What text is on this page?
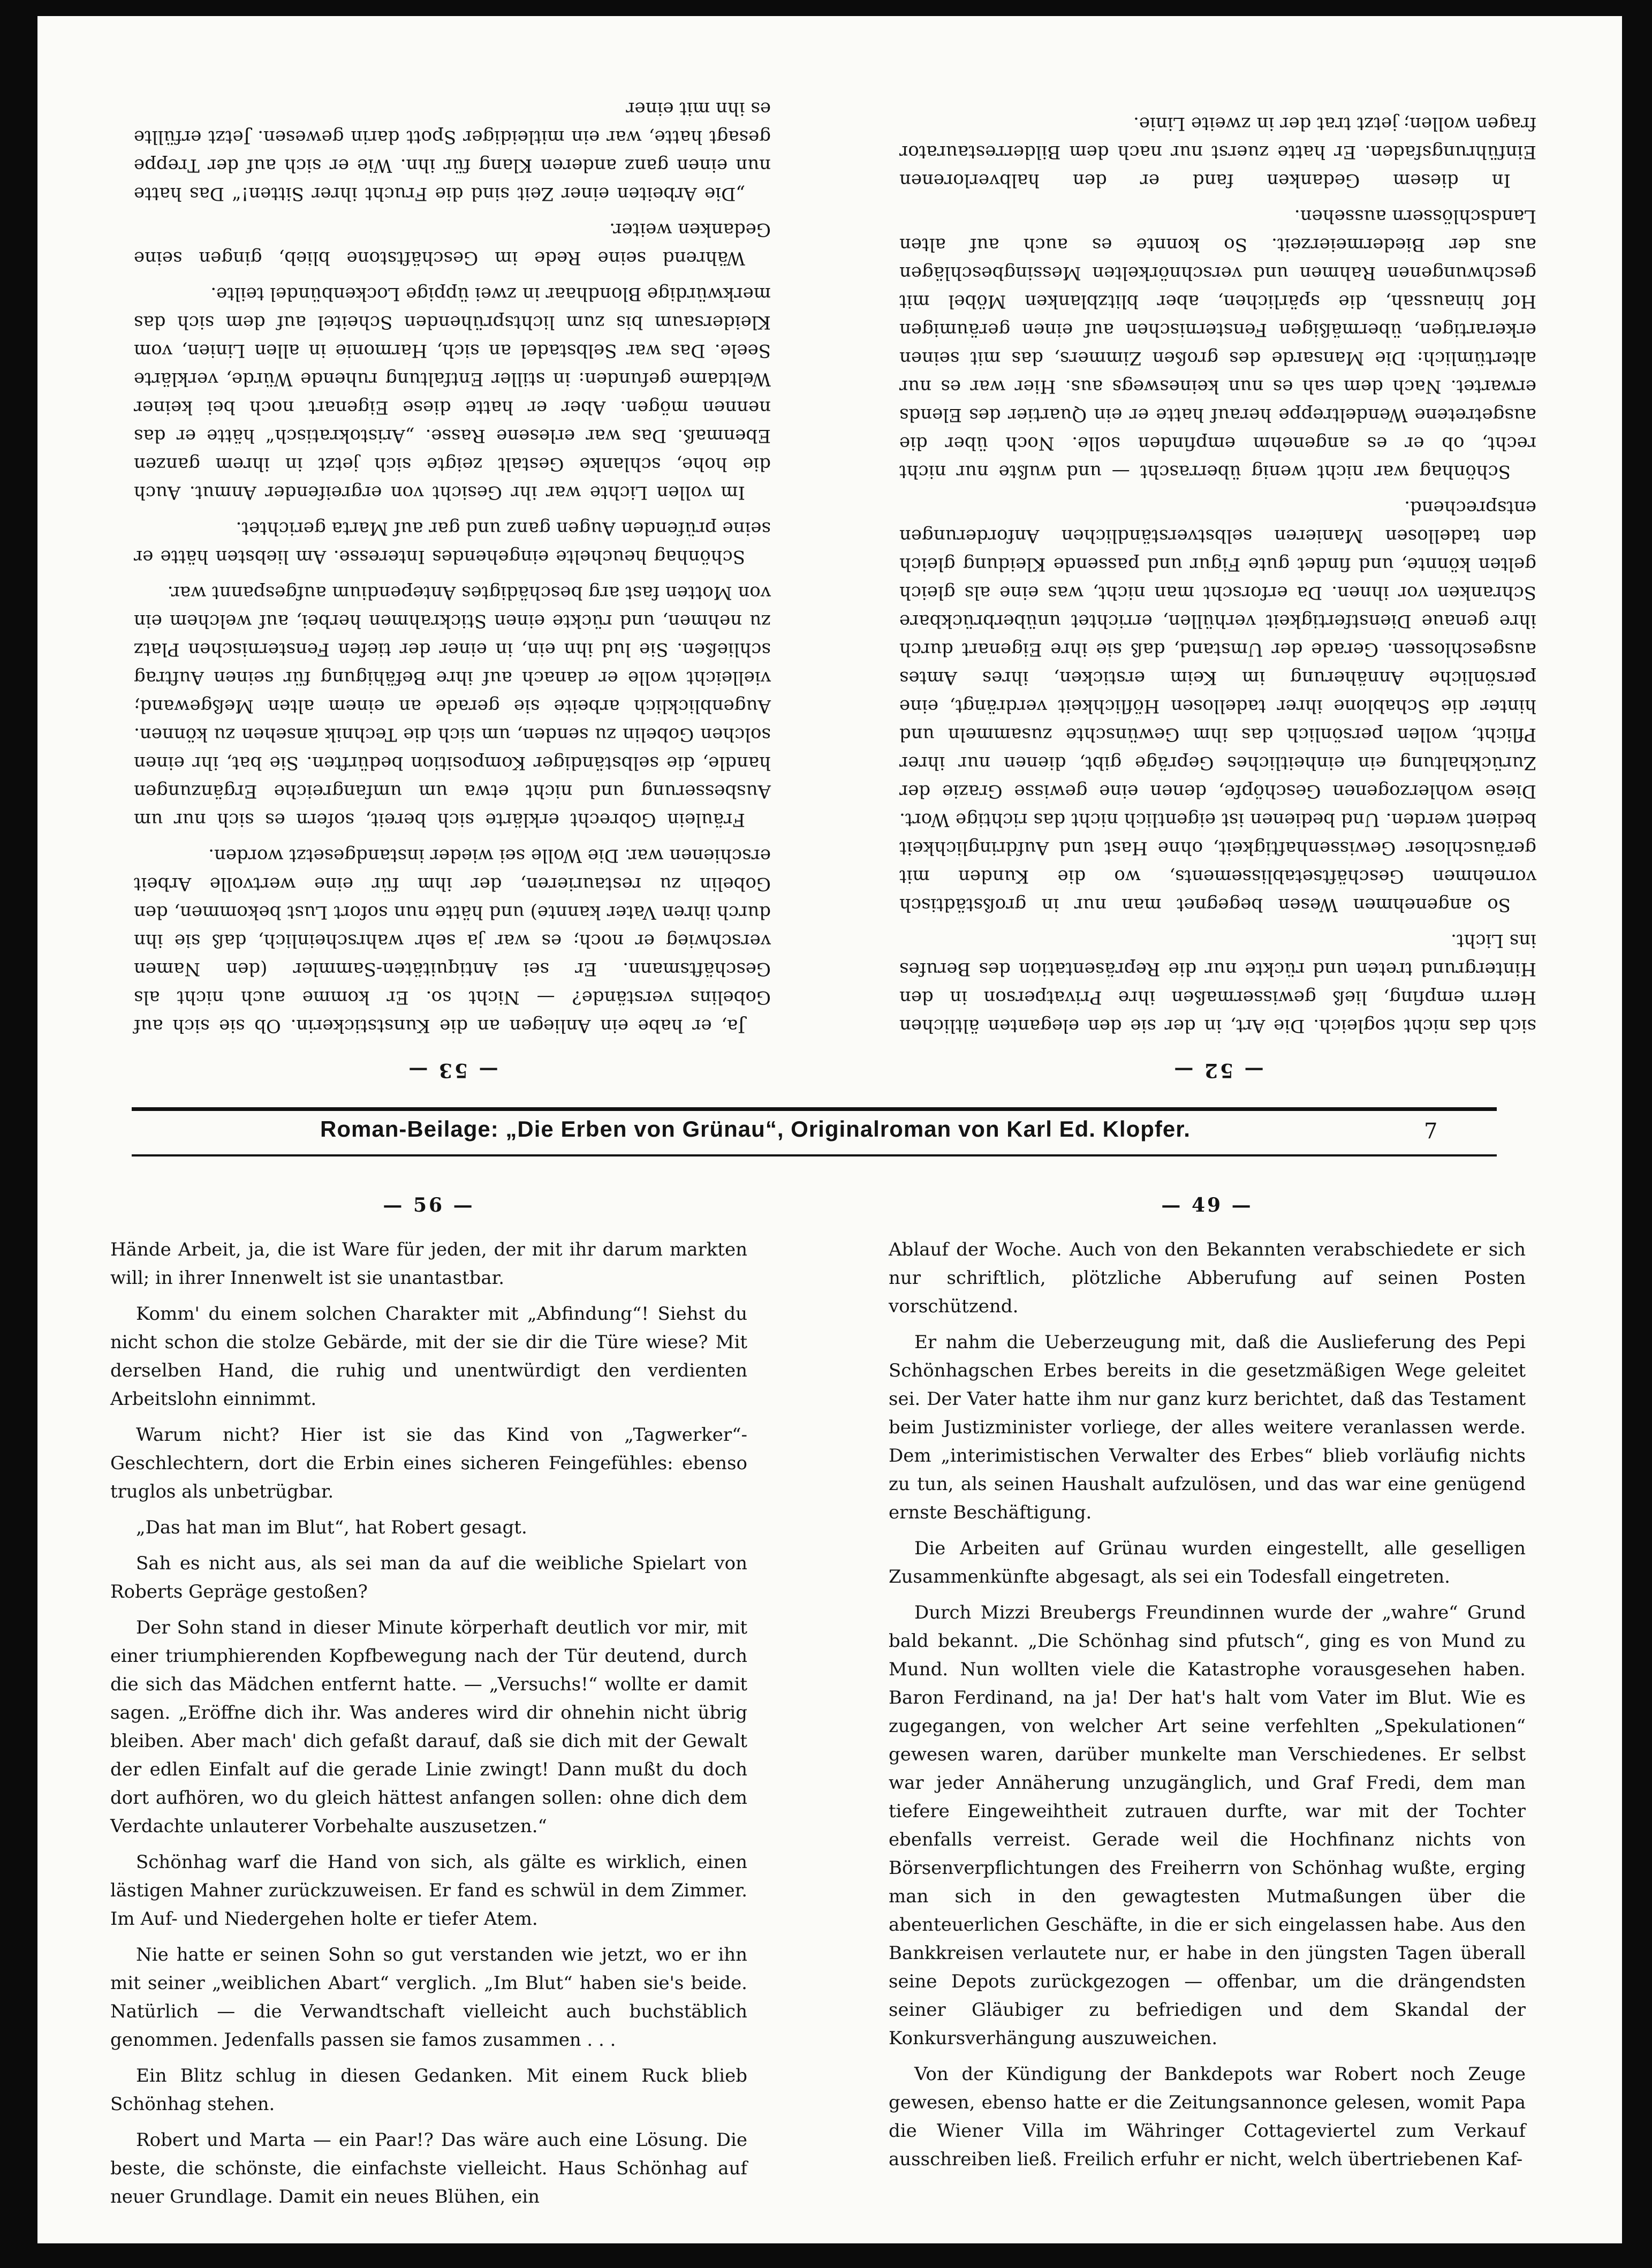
— 52 —

sich das nicht sogleich. Die Art, in der sie den eleganten ältlichen Herrn empfing, ließ gewissermaßen ihre Privatperson in den Hintergrund treten und rückte nur die Repräsentation des Berufes ins Licht.

So angenehmen Wesen begegnet man nur in großstädtisch vornehmen Geschäftsetablissements, wo die Kunden mit geräuschloser Gewissenhaftigkeit, ohne Hast und Aufdringlichkeit bedient werden. Und bedienen ist eigentlich nicht das richtige Wort. Diese wohlerzogenen Geschöpfe, denen eine gewisse Grazie der Zurückhaltung ein einheitliches Gepräge gibt, dienen nur ihrer Pflicht, wollen persönlich das ihm Gewünschte zusammeln und hinter die Schablone ihrer tadellosen Höflichkeit verdrängt, eine persönliche Annäherung im Keim ersticken, ihres Amtes ausgeschlossen. Gerade der Umstand, daß sie ihre Eigenart durch ihre genaue Dienstfertigkeit verhüllen, errichtet unüberbrückbare Schranken vor ihnen. Da erforscht man nicht, was eine als gleich gelten könnte, und findet gute Figur und passende Kleidung gleich den tadellosen Manieren selbstverständlichen Anforderungen entsprechend.

Schönhag war nicht wenig überrascht — und wußte nur nicht recht, ob er es angenehm empfinden solle. Noch über die ausgetretene Wendeltreppe herauf hatte er ein Quartier des Elends erwartet. Nach dem sah es nun keineswegs aus. Hier war es nur altertümlich: Die Mansarde des großen Zimmers, das mit seinen erkerartigen, übermäßigen Fensternischen auf einen geräumigen Hof hinaussah, die spärlichen, aber blitzblanken Möbel mit geschwungenen Rahmen und verschnörkelten Messingbeschlägen aus der Biedermeierzeit. So konnte es auch auf alten Landschlössern aussehen.

In diesem Gedanken fand er den halbverlorenen Einführungsfaden. Er hatte zuerst nur nach dem Bilderrestaurator fragen wollen; jetzt trat der in zweite Linie.

— 53 —

Ja, er habe ein Anliegen an die Kunststickerin. Ob sie sich auf Gobelins verstände? — Nicht so. Er komme auch nicht als Geschäftsmann. Er sei Antiquitäten-Sammler (den Namen verschwieg er noch; es war ja sehr wahrscheinlich, daß sie ihn durch ihren Vater kannte) und hätte nun sofort Lust bekommen, den Gobelin zu restaurieren, der ihm für eine wertvolle Arbeit erschienen war. Die Wolle sei wieder instandgesetzt worden.

Fräulein Gobrecht erklärte sich bereit, sofern es sich nur um Ausbesserung und nicht etwa um umfangreiche Ergänzungen handle, die selbständiger Komposition bedürften. Sie bat, ihr einen solchen Gobelin zu senden, um sich die Technik ansehen zu können. Augenblicklich arbeite sie gerade an einem alten Meßgewand; vielleicht wolle er danach auf ihre Befähigung für seinen Auftrag schließen. Sie lud ihn ein, in einer der tiefen Fensternischen Platz zu nehmen, und rückte einen Stickrahmen herbei, auf welchem ein von Motten fast arg beschädigtes Antependium aufgespannt war.

Schönhag heuchelte eingehendes Interesse. Am liebsten hätte er seine prüfenden Augen ganz und gar auf Marta gerichtet.

Im vollen Lichte war ihr Gesicht von ergreifender Anmut. Auch die hohe, schlanke Gestalt zeigte sich jetzt in ihrem ganzen Ebenmaß. Das war erlesene Rasse. „Aristokratisch“ hätte er das nennen mögen. Aber er hatte diese Eigenart noch bei keiner Weltdame gefunden: in stiller Entfaltung ruhende Würde, verklärte Seele. Das war Selbstadel an sich, Harmonie in allen Linien, vom Kleidersaum bis zum lichtsprühenden Scheitel auf dem sich das merkwürdige Blondhaar in zwei üppige Lockenbündel teilte.

Während seine Rede im Geschäftstone blieb, gingen seine Gedanken weiter.

„Die Arbeiten einer Zeit sind die Frucht ihrer Sitten!“ Das hatte nun einen ganz anderen Klang für ihn. Wie er sich auf der Treppe gesagt hatte, war ein mitleidiger Spott darin gewesen. Jetzt erfüllte es ihn mit einer

Roman-Beilage: „Die Erben von Grünau“, Originalroman von Karl Ed. Klopfer.	7
— 56 —

Hände Arbeit, ja, die ist Ware für jeden, der mit ihr darum markten will; in ihrer Innenwelt ist sie unantastbar.

Komm' du einem solchen Charakter mit „Abfindung“! Siehst du nicht schon die stolze Gebärde, mit der sie dir die Türe wiese? Mit derselben Hand, die ruhig und unentwürdigt den verdienten Arbeitslohn einnimmt.

Warum nicht? Hier ist sie das Kind von „Tagwerker“-Geschlechtern, dort die Erbin eines sicheren Feingefühles: ebenso truglos als unbetrügbar.

„Das hat man im Blut“, hat Robert gesagt.

Sah es nicht aus, als sei man da auf die weibliche Spielart von Roberts Gepräge gestoßen?

Der Sohn stand in dieser Minute körperhaft deutlich vor mir, mit einer triumphierenden Kopfbewegung nach der Tür deutend, durch die sich das Mädchen entfernt hatte. — „Versuchs!“ wollte er damit sagen. „Eröffne dich ihr. Was anderes wird dir ohnehin nicht übrig bleiben. Aber mach' dich gefaßt darauf, daß sie dich mit der Gewalt der edlen Einfalt auf die gerade Linie zwingt! Dann mußt du doch dort aufhören, wo du gleich hättest anfangen sollen: ohne dich dem Verdachte unlauterer Vorbehalte auszusetzen.“

Schönhag warf die Hand von sich, als gälte es wirklich, einen lästigen Mahner zurückzuweisen. Er fand es schwül in dem Zimmer. Im Auf- und Niedergehen holte er tiefer Atem.

Nie hatte er seinen Sohn so gut verstanden wie jetzt, wo er ihn mit seiner „weiblichen Abart“ verglich. „Im Blut“ haben sie's beide. Natürlich — die Verwandtschaft vielleicht auch buchstäblich genommen. Jedenfalls passen sie famos zusammen . . .

Ein Blitz schlug in diesen Gedanken. Mit einem Ruck blieb Schönhag stehen.

Robert und Marta — ein Paar!? Das wäre auch eine Lösung. Die beste, die schönste, die einfachste vielleicht. Haus Schönhag auf neuer Grundlage. Damit ein neues Blühen, ein

— 49 —

Ablauf der Woche. Auch von den Bekannten verabschiedete er sich nur schriftlich, plötzliche Abberufung auf seinen Posten vorschützend.

Er nahm die Ueberzeugung mit, daß die Auslieferung des Pepi Schönhagschen Erbes bereits in die gesetzmäßigen Wege geleitet sei. Der Vater hatte ihm nur ganz kurz berichtet, daß das Testament beim Justizminister vorliege, der alles weitere veranlassen werde. Dem „interimistischen Verwalter des Erbes“ blieb vorläufig nichts zu tun, als seinen Haushalt aufzulösen, und das war eine genügend ernste Beschäftigung.

Die Arbeiten auf Grünau wurden eingestellt, alle geselligen Zusammenkünfte abgesagt, als sei ein Todesfall eingetreten.

Durch Mizzi Breubergs Freundinnen wurde der „wahre“ Grund bald bekannt. „Die Schönhag sind pfutsch“, ging es von Mund zu Mund. Nun wollten viele die Katastrophe vorausgesehen haben. Baron Ferdinand, na ja! Der hat's halt vom Vater im Blut. Wie es zugegangen, von welcher Art seine verfehlten „Spekulationen“ gewesen waren, darüber munkelte man Verschiedenes. Er selbst war jeder Annäherung unzugänglich, und Graf Fredi, dem man tiefere Eingeweihtheit zutrauen durfte, war mit der Tochter ebenfalls verreist. Gerade weil die Hochfinanz nichts von Börsenverpflichtungen des Freiherrn von Schönhag wußte, erging man sich in den gewagtesten Mutmaßungen über die abenteuerlichen Geschäfte, in die er sich eingelassen habe. Aus den Bankkreisen verlautete nur, er habe in den jüngsten Tagen überall seine Depots zurückgezogen — offenbar, um die drängendsten seiner Gläubiger zu befriedigen und dem Skandal der Konkursverhängung auszuweichen.

Von der Kündigung der Bankdepots war Robert noch Zeuge gewesen, ebenso hatte er die Zeitungsannonce gelesen, womit Papa die Wiener Villa im Währinger Cottageviertel zum Verkauf ausschreiben ließ. Freilich erfuhr er nicht, welch übertriebenen Kaf-
